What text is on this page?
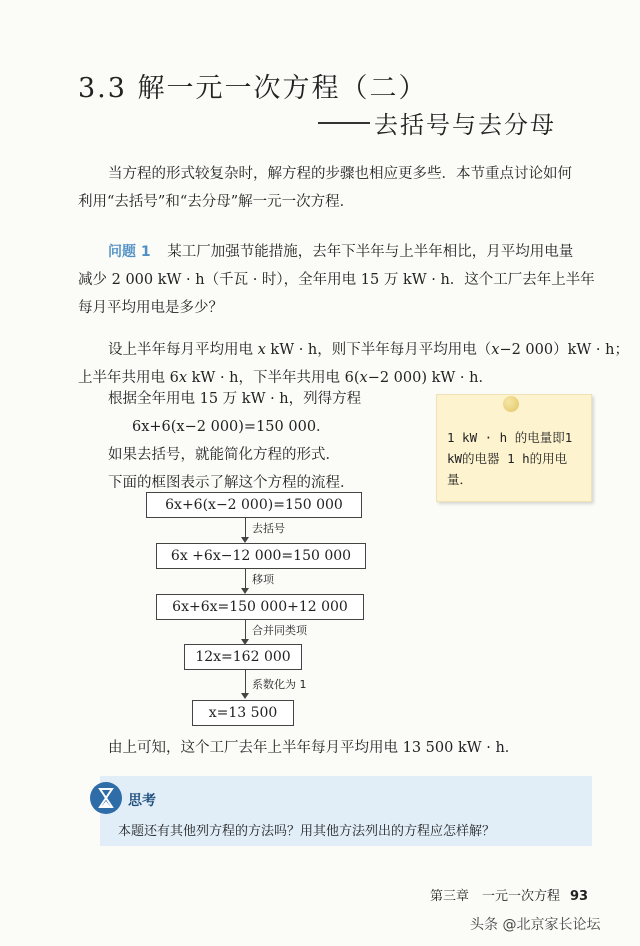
3.3 解一元一次方程（二）
去括号与去分母
当方程的形式较复杂时，解方程的步骤也相应更多些．本节重点讨论如何
利用“去括号”和“去分母”解一元一次方程．
问题 1 某工厂加强节能措施，去年下半年与上半年相比，月平均用电量
减少 2 000 kW · h（千瓦 · 时），全年用电 15 万 kW · h．这个工厂去年上半年
每月平均用电是多少？
设上半年每月平均用电 x kW · h，则下半年每月平均用电（x−2 000）kW · h；
上半年共用电 6x kW · h，下半年共用电 6(x−2 000) kW · h．
根据全年用电 15 万 kW · h，列得方程
6x+6(x−2 000)=150 000．
如果去括号，就能简化方程的形式．
下面的框图表示了解这个方程的流程．
1 kW · h 的电量即1 kW的电器 1 h的用电量．
6x+6(x−2 000)=150 000
去括号
6x +6x−12 000=150 000
移项
6x+6x=150 000+12 000
合并同类项
12x=162 000
系数化为 1
x=13 500
由上可知，这个工厂去年上半年每月平均用电 13 500 kW · h．
思考
本题还有其他列方程的方法吗？用其他方法列出的方程应怎样解？
第三章　一元一次方程 93
头条 @北京家长论坛
